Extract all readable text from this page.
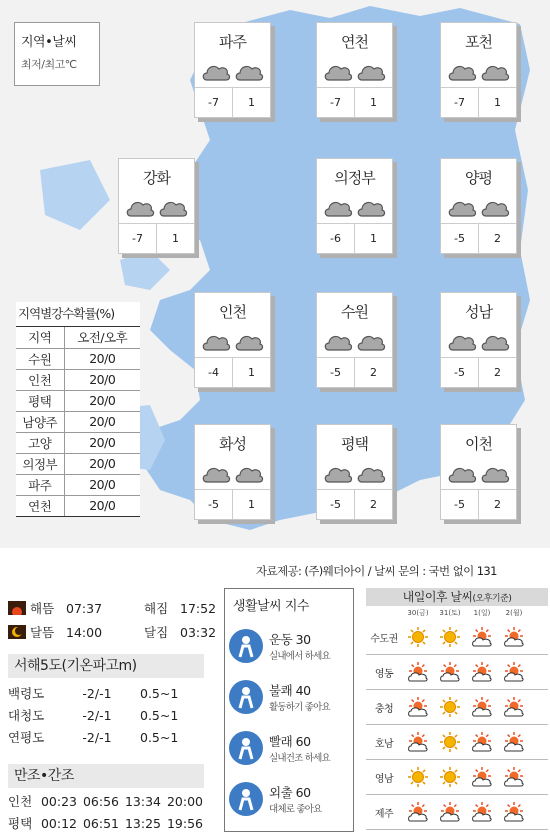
지역•날씨
최저/최고℃
파주
-7	1
연천
-7	1
포천
-7	1
강화
-7	1
의정부
-6	1
양평
-5	2
인천
-4	1
수원
-5	2
성남
-5	2
화성
-5	1
평택
-5	2
이천
-5	2
지역별강수확률(%)
지역	오전/오후
수원	20/0
인천	20/0
평택	20/0
남양주	20/0
고양	20/0
의정부	20/0
파주	20/0
연천	20/0
자료제공: (주)웨더아이 / 날씨 문의 : 국번 없이 131
해뜸 07:37	해짐 17:52
달뜸 14:00	달짐 03:32
서해5도(기온파고m)
백령도	-2/-1	0.5~1
대청도	-2/-1	0.5~1
연평도	-2/-1	0.5~1
만조•간조
인천 00:23 06:56 13:34 20:00
평택 00:12 06:51 13:25 19:56
생활날씨 지수
운동 30
실내에서 하세요
불쾌 40
활동하기 좋아요
빨래 60
실내건조 하세요
외출 60
대체로 좋아요
내일이후 날씨(오후기준)
30(금)	31(토)	1(일)	2(월)
수도권
영동
충청
호남
영남
제주
